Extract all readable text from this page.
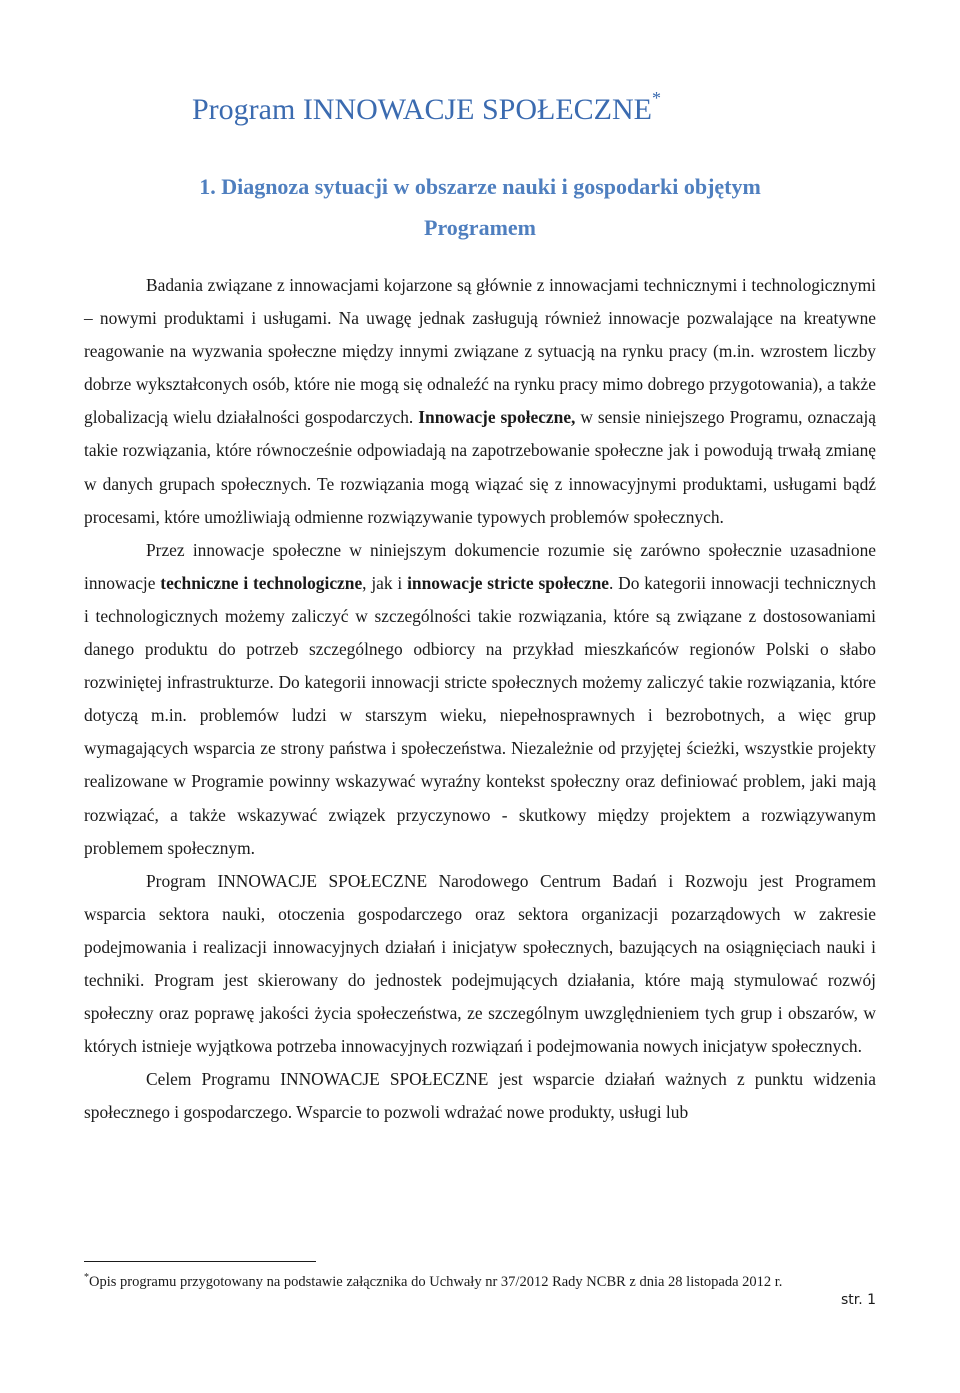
Program INNOWACJE SPOŁECZNE*
1. Diagnoza sytuacji w obszarze nauki i gospodarki objętym
Programem

Badania związane z innowacjami kojarzone są głównie z innowacjami technicznymi i technologicznymi – nowymi produktami i usługami. Na uwagę jednak zasługują również innowacje pozwalające na kreatywne reagowanie na wyzwania społeczne między innymi związane z sytuacją na rynku pracy (m.in. wzrostem liczby dobrze wykształconych osób, które nie mogą się odnaleźć na rynku pracy mimo dobrego przygotowania), a także globalizacją wielu działalności gospodarczych. Innowacje społeczne, w sensie niniejszego Programu, oznaczają takie rozwiązania, które równocześnie odpowiadają na zapotrzebowanie społeczne jak i powodują trwałą zmianę w danych grupach społecznych. Te rozwiązania mogą wiązać się z innowacyjnymi produktami, usługami bądź procesami, które umożliwiają odmienne rozwiązywanie typowych problemów społecznych.

Przez innowacje społeczne w niniejszym dokumencie rozumie się zarówno społecznie uzasadnione innowacje techniczne i technologiczne, jak i innowacje stricte społeczne. Do kategorii innowacji technicznych i technologicznych możemy zaliczyć w szczególności takie rozwiązania, które są związane z dostosowaniami danego produktu do potrzeb szczególnego odbiorcy na przykład mieszkańców regionów Polski o słabo rozwiniętej infrastrukturze. Do kategorii innowacji stricte społecznych możemy zaliczyć takie rozwiązania, które dotyczą m.in. problemów ludzi w starszym wieku, niepełnosprawnych i bezrobotnych, a więc grup wymagających wsparcia ze strony państwa i społeczeństwa. Niezależnie od przyjętej ścieżki, wszystkie projekty realizowane w Programie powinny wskazywać wyraźny kontekst społeczny oraz definiować problem, jaki mają rozwiązać, a także wskazywać związek przyczynowo - skutkowy między projektem a rozwiązywanym problemem społecznym.

Program INNOWACJE SPOŁECZNE Narodowego Centrum Badań i Rozwoju jest Programem wsparcia sektora nauki, otoczenia gospodarczego oraz sektora organizacji pozarządowych w zakresie podejmowania i realizacji innowacyjnych działań i inicjatyw społecznych, bazujących na osiągnięciach nauki i techniki. Program jest skierowany do jednostek podejmujących działania, które mają stymulować rozwój społeczny oraz poprawę jakości życia społeczeństwa, ze szczególnym uwzględnieniem tych grup i obszarów, w których istnieje wyjątkowa potrzeba innowacyjnych rozwiązań i podejmowania nowych inicjatyw społecznych.

Celem Programu INNOWACJE SPOŁECZNE jest wsparcie działań ważnych z punktu widzenia społecznego i gospodarczego. Wsparcie to pozwoli wdrażać nowe produkty, usługi lub

*Opis programu przygotowany na podstawie załącznika do Uchwały nr 37/2012 Rady NCBR z dnia 28 listopada 2012 r.
str. 1
